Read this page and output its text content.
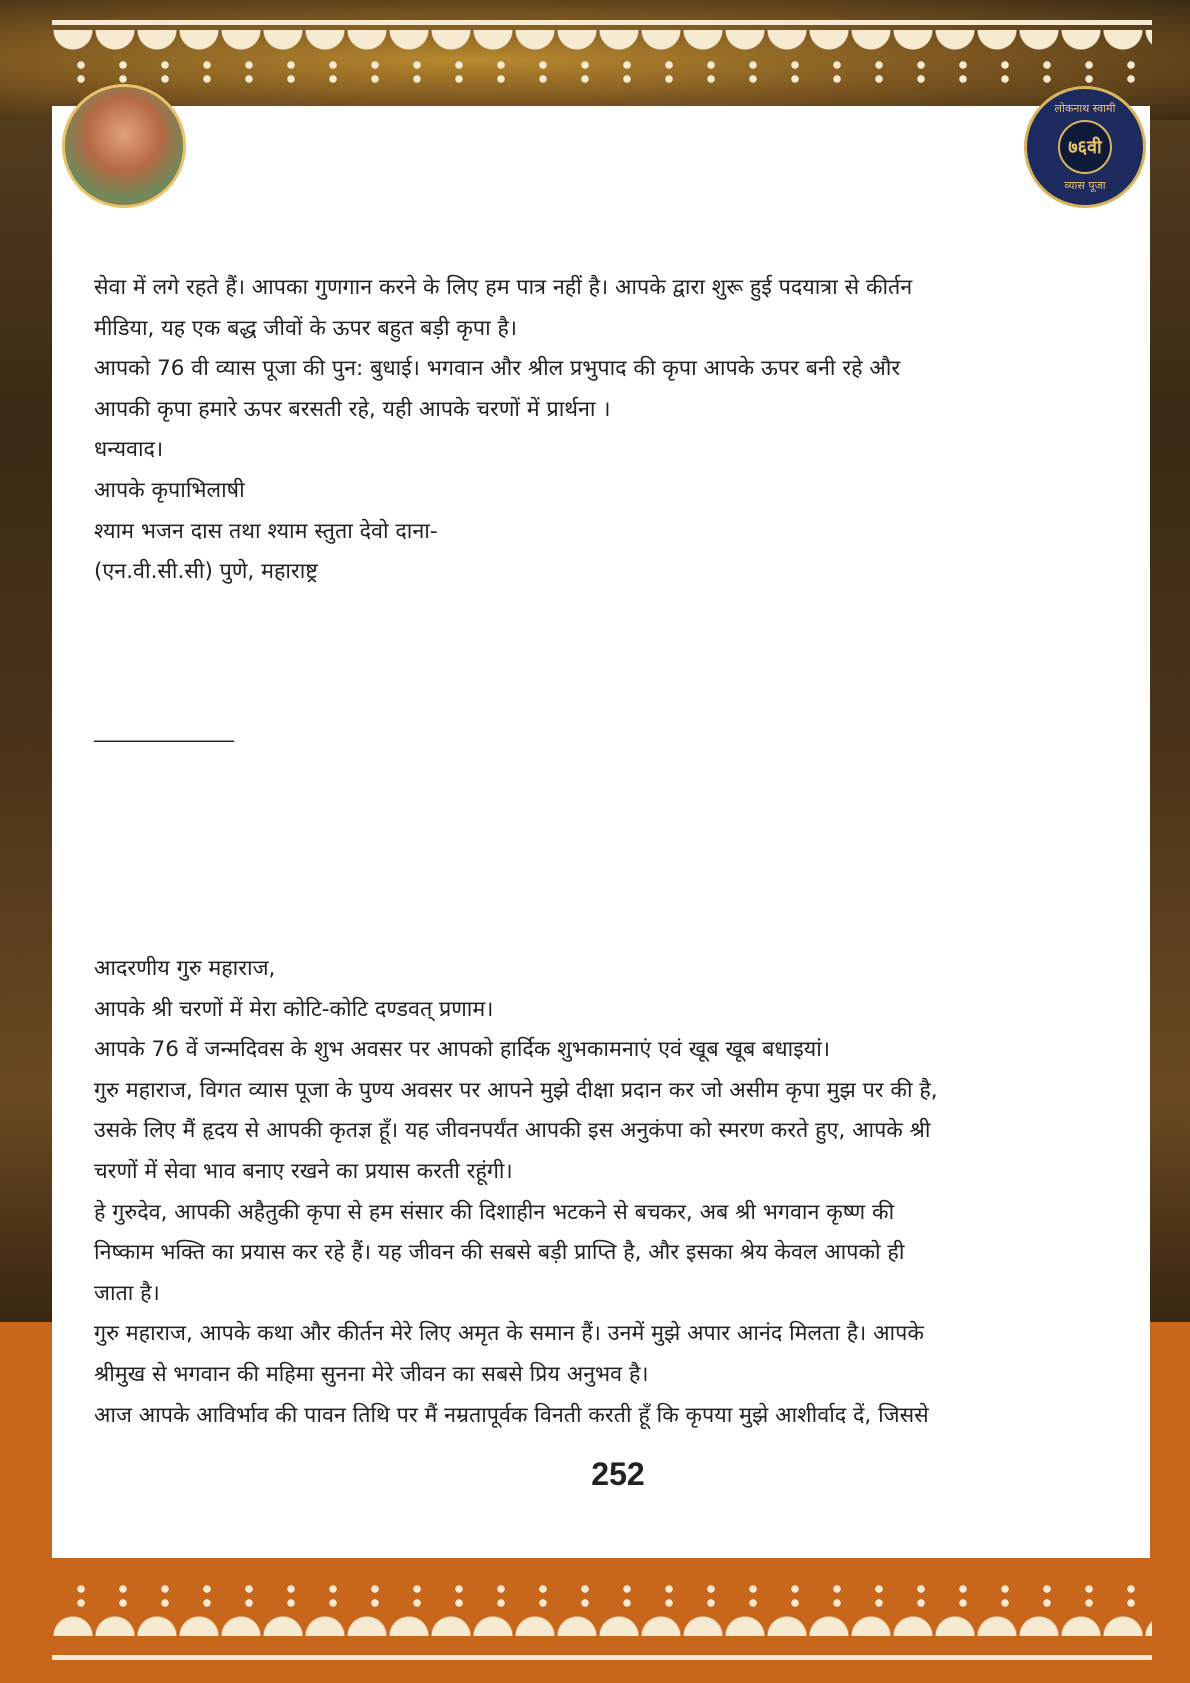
लोकनाथ स्वामी
७६वी
व्यास पूजा
सेवा में लगे रहते हैं। आपका गुणगान करने के लिए हम पात्र नहीं है। आपके द्वारा शुरू हुई पदयात्रा से कीर्तन
मीडिया, यह एक बद्ध जीवों के ऊपर बहुत बड़ी कृपा है।
आपको 76 वी व्यास पूजा की पुन: बुधाई। भगवान और श्रील प्रभुपाद की कृपा आपके ऊपर बनी रहे और
आपकी कृपा हमारे ऊपर बरसती रहे, यही आपके चरणों में प्रार्थना ।
धन्यवाद।
आपके कृपाभिलाषी
श्याम भजन दास तथा श्याम स्तुता देवो दाना-
(एन.वी.सी.सी) पुणे, महाराष्ट्र
______________
आदरणीय गुरु महाराज,
आपके श्री चरणों में मेरा कोटि-कोटि दण्डवत् प्रणाम।
आपके 76 वें जन्मदिवस के शुभ अवसर पर आपको हार्दिक शुभकामनाएं एवं खूब खूब बधाइयां।
गुरु महाराज, विगत व्यास पूजा के पुण्य अवसर पर आपने मुझे दीक्षा प्रदान कर जो असीम कृपा मुझ पर की है,
उसके लिए मैं हृदय से आपकी कृतज्ञ हूँ। यह जीवनपर्यंत आपकी इस अनुकंपा को स्मरण करते हुए, आपके श्री
चरणों में सेवा भाव बनाए रखने का प्रयास करती रहूंगी।
हे गुरुदेव, आपकी अहैतुकी कृपा से हम संसार की दिशाहीन भटकने से बचकर, अब श्री भगवान कृष्ण की
निष्काम भक्ति का प्रयास कर रहे हैं। यह जीवन की सबसे बड़ी प्राप्ति है, और इसका श्रेय केवल आपको ही
जाता है।
गुरु महाराज, आपके कथा और कीर्तन मेरे लिए अमृत के समान हैं। उनमें मुझे अपार आनंद मिलता है। आपके
श्रीमुख से भगवान की महिमा सुनना मेरे जीवन का सबसे प्रिय अनुभव है।
आज आपके आविर्भाव की पावन तिथि पर मैं नम्रतापूर्वक विनती करती हूँ कि कृपया मुझे आशीर्वाद दें, जिससे
252
